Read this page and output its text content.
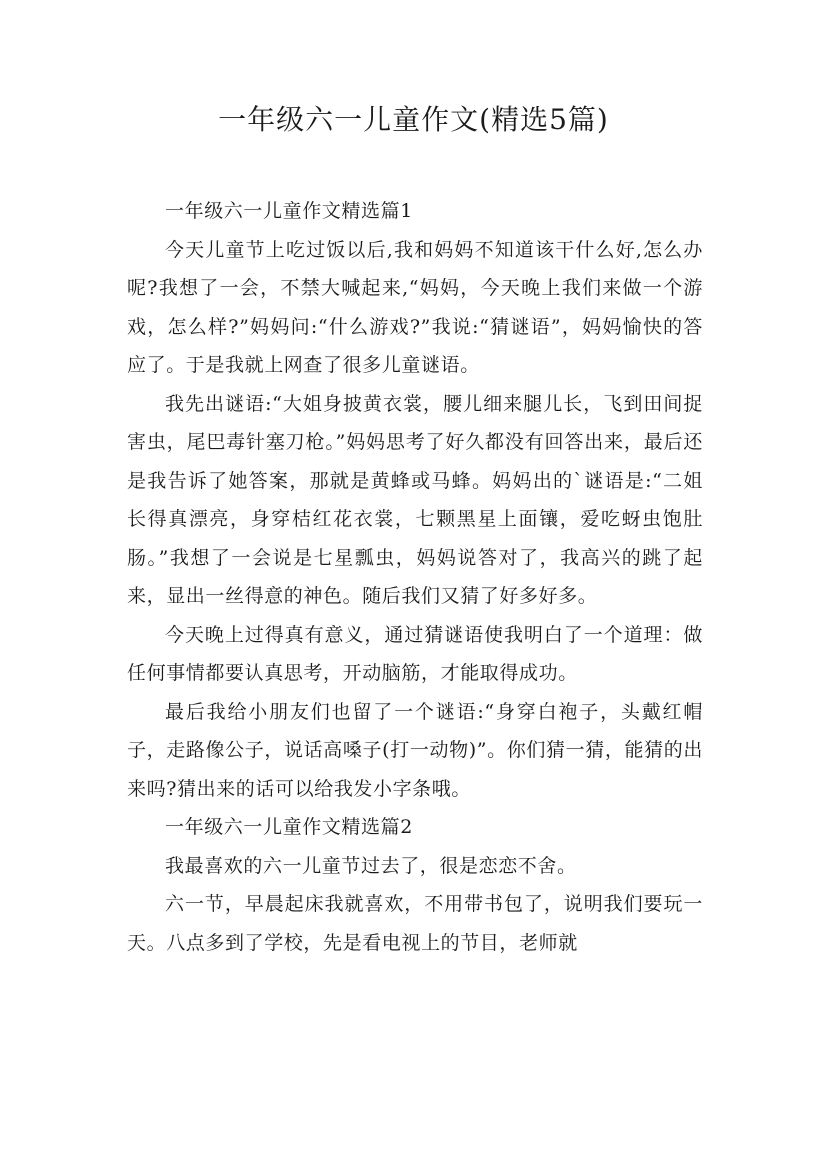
一年级六一儿童作文(精选5篇)

一年级六一儿童作文精选篇1

今天儿童节上吃过饭以后,我和妈妈不知道该干什么好,怎么办呢?我想了一会，不禁大喊起来,“妈妈，今天晚上我们来做一个游戏，怎么样?”妈妈问:“什么游戏?”我说:“猜谜语”，妈妈愉快的答应了。于是我就上网查了很多儿童谜语。

我先出谜语:“大姐身披黄衣裳，腰儿细来腿儿长，飞到田间捉害虫，尾巴毒针塞刀枪。”妈妈思考了好久都没有回答出来，最后还是我告诉了她答案，那就是黄蜂或马蜂。妈妈出的`谜语是:“二姐长得真漂亮，身穿桔红花衣裳，七颗黑星上面镶，爱吃蚜虫饱肚肠。”我想了一会说是七星瓢虫，妈妈说答对了，我高兴的跳了起来，显出一丝得意的神色。随后我们又猜了好多好多。

今天晚上过得真有意义，通过猜谜语使我明白了一个道理：做任何事情都要认真思考，开动脑筋，才能取得成功。

最后我给小朋友们也留了一个谜语:“身穿白袍子，头戴红帽子，走路像公子，说话高嗓子(打一动物)”。你们猜一猜，能猜的出来吗?猜出来的话可以给我发小字条哦。

一年级六一儿童作文精选篇2

我最喜欢的六一儿童节过去了，很是恋恋不舍。

六一节，早晨起床我就喜欢，不用带书包了，说明我们要玩一天。八点多到了学校，先是看电视上的节目，老师就
